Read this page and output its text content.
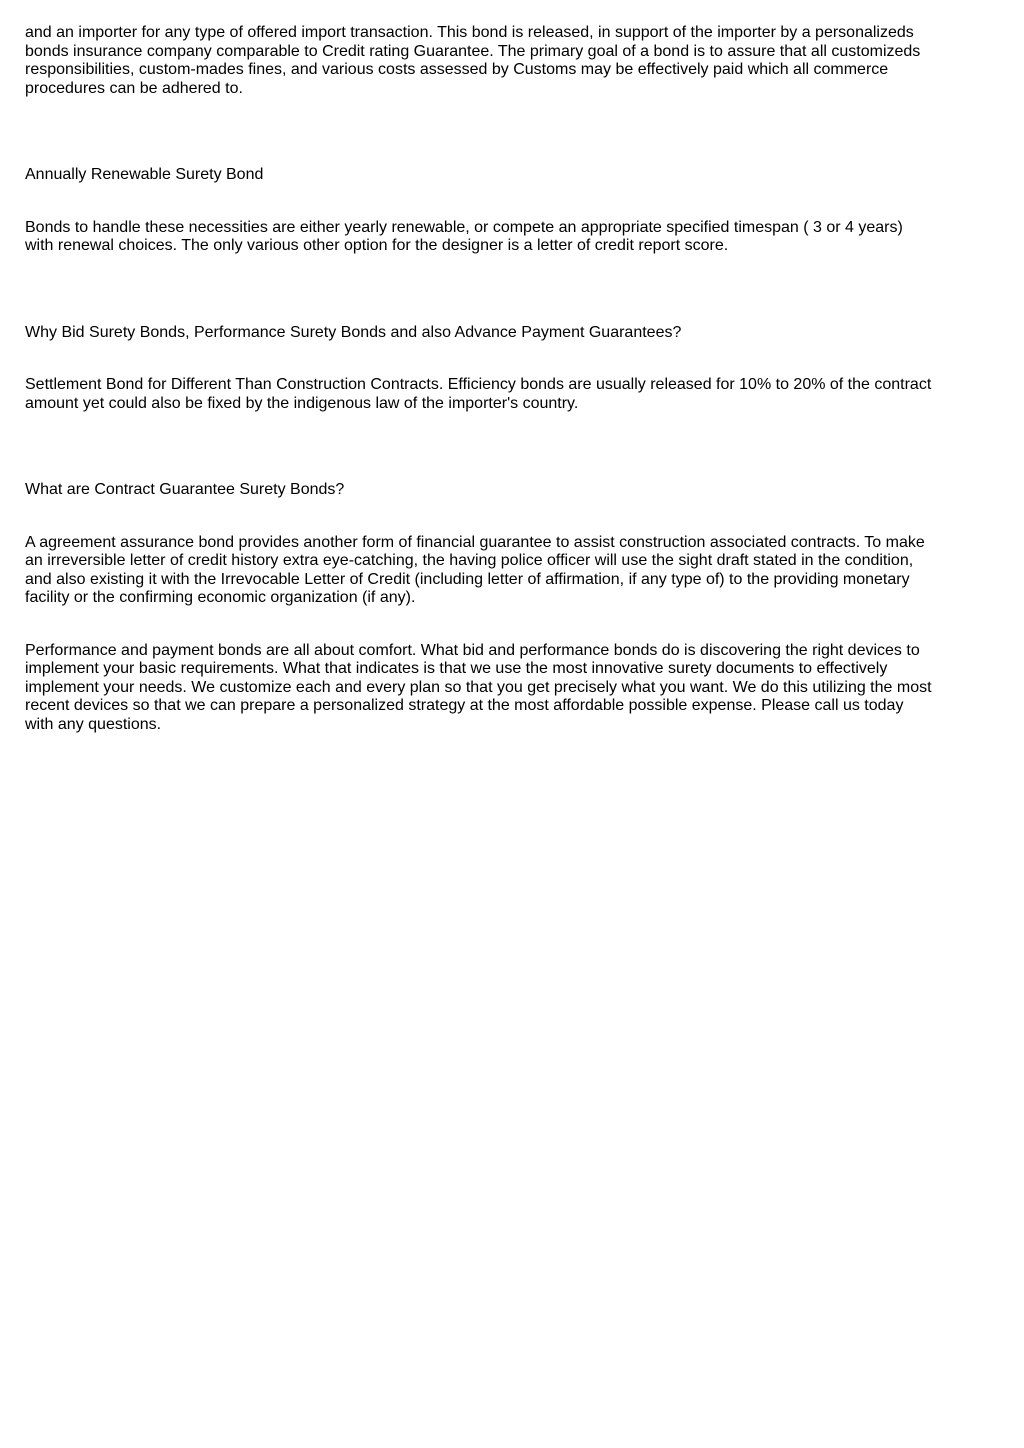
and an importer for any type of offered import transaction. This bond is released, in support of the importer by a personalizeds
bonds insurance company comparable to Credit rating Guarantee. The primary goal of a bond is to assure that all customizeds
responsibilities, custom-mades fines, and various costs assessed by Customs may be effectively paid which all commerce
procedures can be adhered to.

Annually Renewable Surety Bond

Bonds to handle these necessities are either yearly renewable, or compete an appropriate specified timespan ( 3 or 4 years)
with renewal choices. The only various other option for the designer is a letter of credit report score.

Why Bid Surety Bonds, Performance Surety Bonds and also Advance Payment Guarantees?

Settlement Bond for Different Than Construction Contracts. Efficiency bonds are usually released for 10% to 20% of the contract
amount yet could also be fixed by the indigenous law of the importer's country.

What are Contract Guarantee Surety Bonds?

A agreement assurance bond provides another form of financial guarantee to assist construction associated contracts. To make
an irreversible letter of credit history extra eye-catching, the having police officer will use the sight draft stated in the condition,
and also existing it with the Irrevocable Letter of Credit (including letter of affirmation, if any type of) to the providing monetary
facility or the confirming economic organization (if any).

Performance and payment bonds are all about comfort. What bid and performance bonds do is discovering the right devices to
implement your basic requirements. What that indicates is that we use the most innovative surety documents to effectively
implement your needs. We customize each and every plan so that you get precisely what you want. We do this utilizing the most
recent devices so that we can prepare a personalized strategy at the most affordable possible expense. Please call us today
with any questions.
